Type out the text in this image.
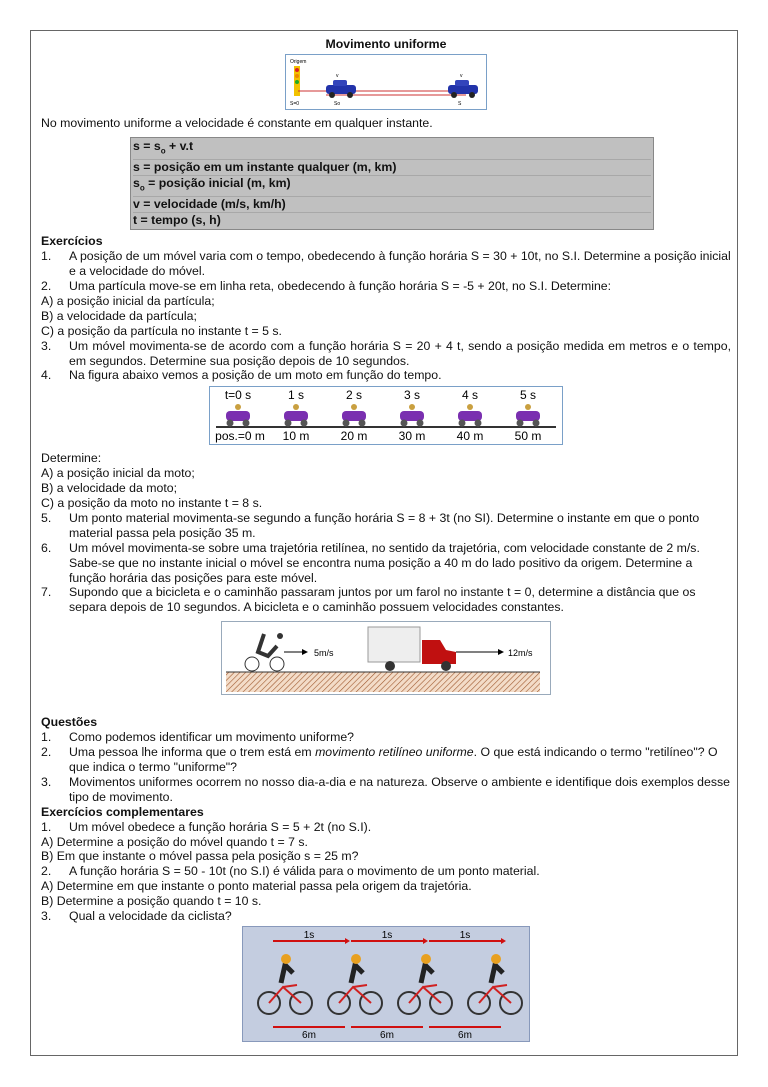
Movimento uniforme
Origem
v	v
S=0	So	S
No movimento uniforme a velocidade é constante em qualquer instante.
$s = s_o + v.t$
s = posição em um instante qualquer (m, km)
$s_o$ = posição inicial (m, km)
v = velocidade (m/s, km/h)
t = tempo (s, h)
Exercícios
1. A posição de um móvel varia com o tempo, obedecendo à função horária S = 30 + 10t, no S.I. Determine a posição inicial e a velocidade do móvel.
2. Uma partícula move-se em linha reta, obedecendo à função horária S = -5 + 20t, no S.I. Determine:
A) a posição inicial da partícula;
B) a velocidade da partícula;
C) a posição da partícula no instante t = 5 s.
3. Um móvel movimenta-se de acordo com a função horária S = 20 + 4 t, sendo a posição medida em metros e o tempo, em segundos. Determine sua posição depois de 10 segundos.
4. Na figura abaixo vemos a posição de um moto em função do tempo.
t=0 s
pos.=0 m
1 s
10 m
2 s
20 m
3 s
30 m
4 s
40 m
5 s
50 m
Determine:
A) a posição inicial da moto;
B) a velocidade da moto;
C) a posição da moto no instante t = 8 s.
5. Um ponto material movimenta-se segundo a função horária S = 8 + 3t (no SI). Determine o instante em que o ponto material passa pela posição 35 m.
6. Um móvel movimenta-se sobre uma trajetória retilínea, no sentido da trajetória, com velocidade constante de 2 m/s. Sabe-se que no instante inicial o móvel se encontra numa posição a 40 m do lado positivo da origem. Determine a função horária das posições para este móvel.
7. Supondo que a bicicleta e o caminhão passaram juntos por um farol no instante t = 0, determine a distância que os separa depois de 10 segundos. A bicicleta e o caminhão possuem velocidades constantes.
5m/s	12m/s
Questões
1. Como podemos identificar um movimento uniforme?
2. Uma pessoa lhe informa que o trem está em movimento retilíneo uniforme. O que está indicando o termo "retilíneo"? O que indica o termo "uniforme"?
3. Movimentos uniformes ocorrem no nosso dia-a-dia e na natureza. Observe o ambiente e identifique dois exemplos desse tipo de movimento.
Exercícios complementares
1. Um móvel obedece a função horária S = 5 + 2t (no S.I).
A) Determine a posição do móvel quando t = 7 s.
B) Em que instante o móvel passa pela posição s = 25 m?
2. A função horária S = 50 - 10t (no S.I) é válida para o movimento de um ponto material.
A) Determine em que instante o ponto material passa pela origem da trajetória.
B) Determine a posição quando t = 10 s.
3. Qual a velocidade da ciclista?
1s
6m
1s
6m
1s
6m
